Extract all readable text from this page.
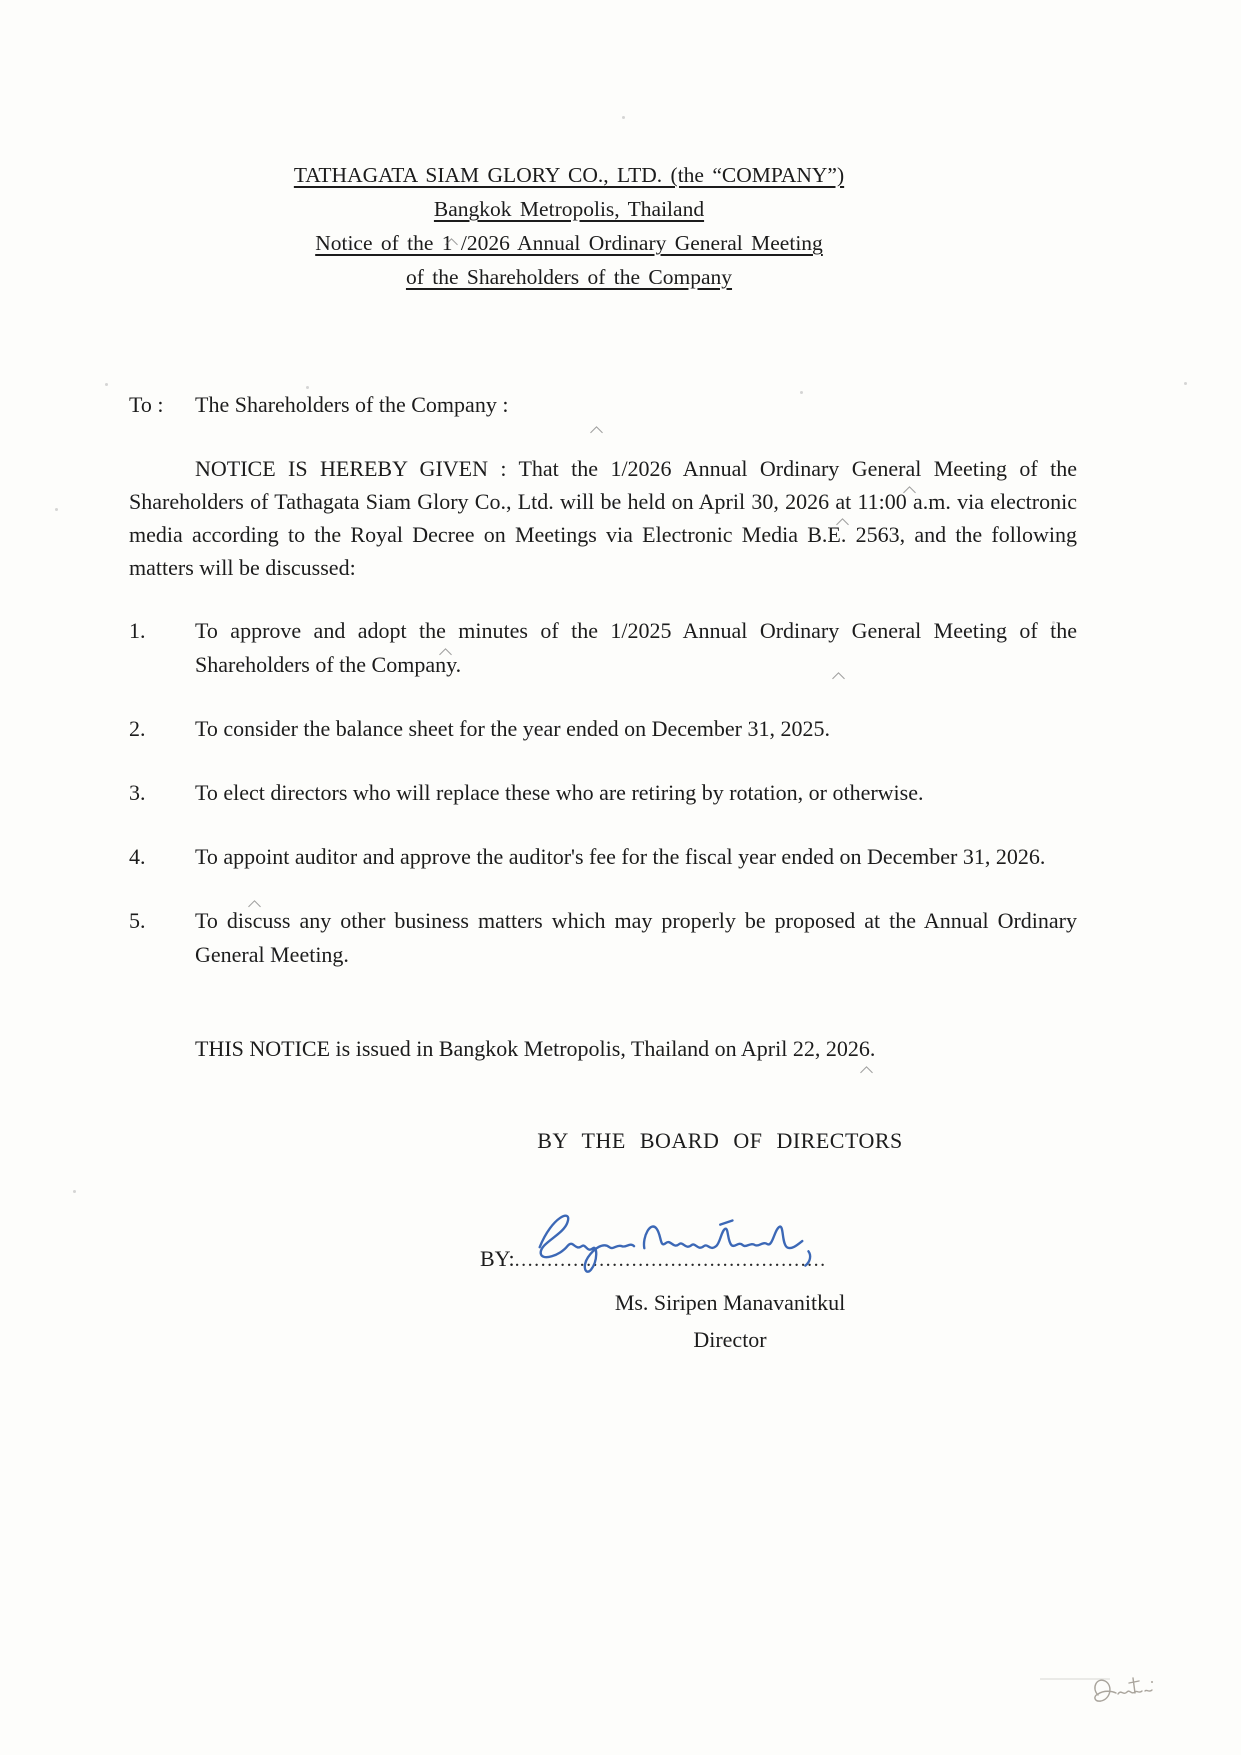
TATHAGATA SIAM GLORY CO., LTD. (the “COMPANY”)
Bangkok Metropolis, Thailand
Notice of the 1 /2026 Annual Ordinary General Meeting
of the Shareholders of the Company
To :	The Shareholders of the Company :

NOTICE IS HEREBY GIVEN : That the 1/2026 Annual Ordinary General Meeting of the Shareholders of Tathagata Siam Glory Co., Ltd. will be held on April 30, 2026 at 11:00 a.m. via electronic media according to the Royal Decree on Meetings via Electronic Media B.E. 2563, and the following matters will be discussed:

1.	To approve and adopt the minutes of the 1/2025 Annual Ordinary General Meeting of the Shareholders of the Company.
2.	To consider the balance sheet for the year ended on December 31, 2025.
3.	To elect directors who will replace these who are retiring by rotation, or otherwise.
4.	To appoint auditor and approve the auditor's fee for the fiscal year ended on December 31, 2026.
5.	To discuss any other business matters which may properly be proposed at the Annual Ordinary General Meeting.

THIS NOTICE is issued in Bangkok Metropolis, Thailand on April 22, 2026.

BY THE BOARD OF DIRECTORS

BY: ................................................
Ms. Siripen Manavanitkul
Director
